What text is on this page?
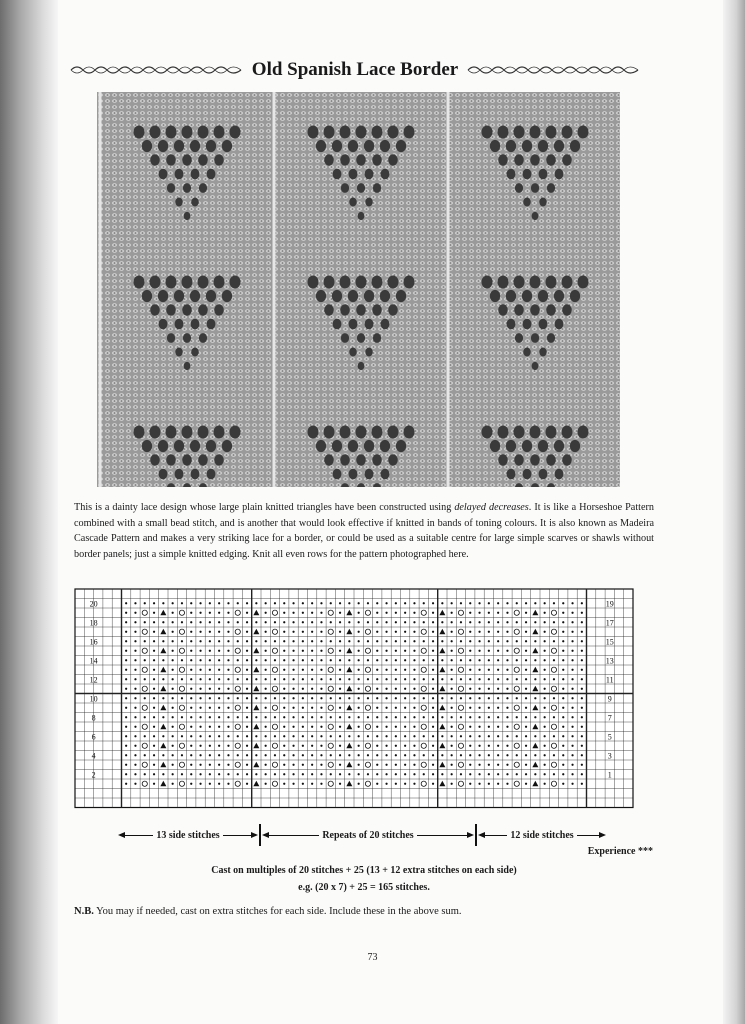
Old Spanish Lace Border

This is a dainty lace design whose large plain knitted triangles have been constructed using delayed decreases. It is like a Horseshoe Pattern combined with a small bead stitch, and is another that would look effective if knitted in bands of toning colours. It is also known as Madeira Cascade Pattern and makes a very striking lace for a border, or could be used as a suitable centre for large simple scarves or shawls without border panels; just a simple knitted edging. Knit all even rows for the pattern photographed here.

20
18
16
14
12
10
8
6
4
2
19
17
15
13
11
9
7
5
3
1
13 side stitches	Repeats of 20 stitches	12 side stitches
Experience ***
Cast on multiples of 20 stitches + 25 (13 + 12 extra stitches on each side)
e.g. (20 x 7) + 25 = 165 stitches.
N.B. You may if needed, cast on extra stitches for each side. Include these in the above sum.
73
